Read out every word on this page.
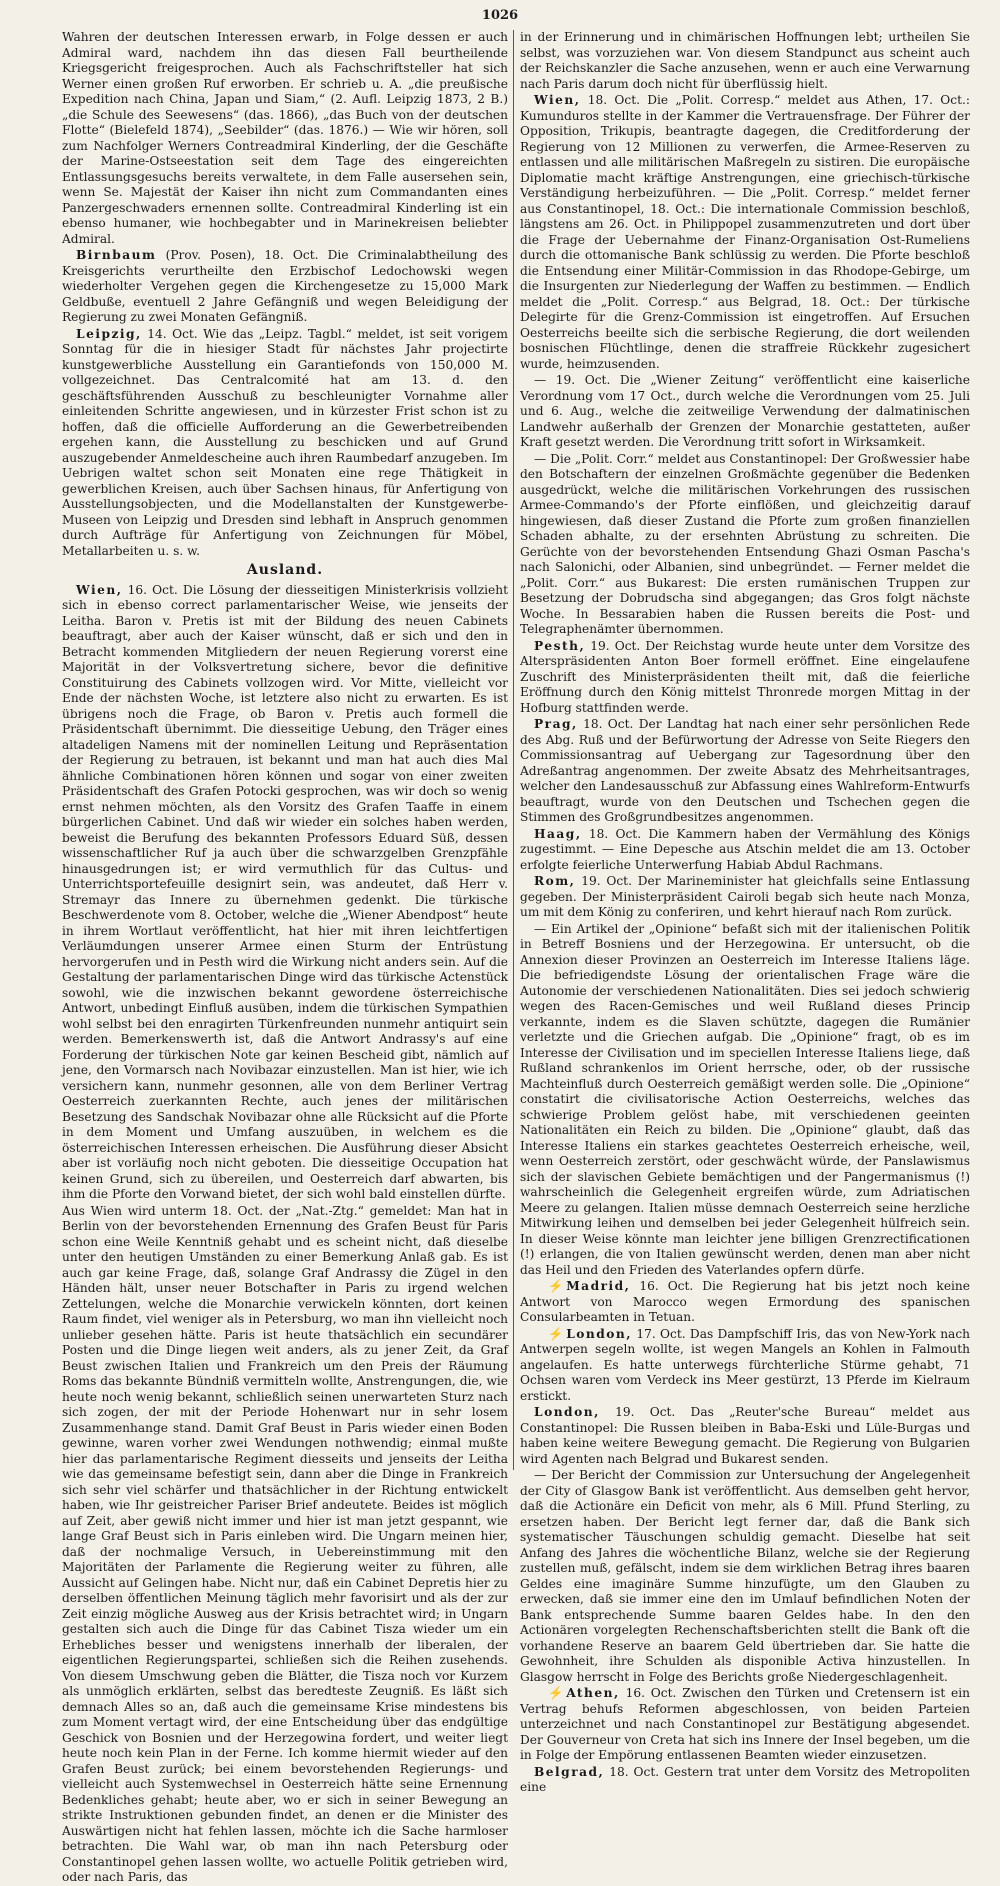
1026

Wahren der deutschen Interessen erwarb, in Folge dessen er auch Admiral ward, nachdem ihn das diesen Fall beurtheilende Kriegsgericht freigesprochen. Auch als Fachschriftsteller hat sich Werner einen großen Ruf erworben. Er schrieb u. A. „die preußische Expedition nach China, Japan und Siam,“ (2. Aufl. Leipzig 1873, 2 B.) „die Schule des Seewesens“ (das. 1866), „das Buch von der deutschen Flotte“ (Bielefeld 1874), „Seebilder“ (das. 1876.) — Wie wir hören, soll zum Nachfolger Werners Contreadmiral Kinderling, der die Geschäfte der Marine-Ostseestation seit dem Tage des eingereichten Entlassungsgesuchs bereits verwaltete, in dem Falle ausersehen sein, wenn Se. Majestät der Kaiser ihn nicht zum Commandanten eines Panzergeschwaders ernennen sollte. Contreadmiral Kinderling ist ein ebenso humaner, wie hochbegabter und in Marinekreisen beliebter Admiral.

Birnbaum (Prov. Posen), 18. Oct. Die Criminalabtheilung des Kreisgerichts verurtheilte den Erzbischof Ledochowski wegen wiederholter Vergehen gegen die Kirchengesetze zu 15,000 Mark Geldbuße, eventuell 2 Jahre Gefängniß und wegen Beleidigung der Regierung zu zwei Monaten Gefängniß.

Leipzig, 14. Oct. Wie das „Leipz. Tagbl.“ meldet, ist seit vorigem Sonntag für die in hiesiger Stadt für nächstes Jahr projectirte kunstgewerbliche Ausstellung ein Garantiefonds von 150,000 M. vollgezeichnet. Das Centralcomité hat am 13. d. den geschäftsführenden Ausschuß zu beschleunigter Vornahme aller einleitenden Schritte angewiesen, und in kürzester Frist schon ist zu hoffen, daß die officielle Aufforderung an die Gewerbetreibenden ergehen kann, die Ausstellung zu beschicken und auf Grund auszugebender Anmeldescheine auch ihren Raumbedarf anzugeben. Im Uebrigen waltet schon seit Monaten eine rege Thätigkeit in gewerblichen Kreisen, auch über Sachsen hinaus, für Anfertigung von Ausstellungsobjecten, und die Modellanstalten der Kunstgewerbe-Museen von Leipzig und Dresden sind lebhaft in Anspruch genommen durch Aufträge für Anfertigung von Zeichnungen für Möbel, Metallarbeiten u. s. w.

Ausland.

Wien, 16. Oct. Die Lösung der diesseitigen Ministerkrisis vollzieht sich in ebenso correct parlamentarischer Weise, wie jenseits der Leitha. Baron v. Pretis ist mit der Bildung des neuen Cabinets beauftragt, aber auch der Kaiser wünscht, daß er sich und den in Betracht kommenden Mitgliedern der neuen Regierung vorerst eine Majorität in der Volksvertretung sichere, bevor die definitive Constituirung des Cabinets vollzogen wird. Vor Mitte, vielleicht vor Ende der nächsten Woche, ist letztere also nicht zu erwarten. Es ist übrigens noch die Frage, ob Baron v. Pretis auch formell die Präsidentschaft übernimmt. Die diesseitige Uebung, den Träger eines altadeligen Namens mit der nominellen Leitung und Repräsentation der Regierung zu betrauen, ist bekannt und man hat auch dies Mal ähnliche Combinationen hören können und sogar von einer zweiten Präsidentschaft des Grafen Potocki gesprochen, was wir doch so wenig ernst nehmen möchten, als den Vorsitz des Grafen Taaffe in einem bürgerlichen Cabinet. Und daß wir wieder ein solches haben werden, beweist die Berufung des bekannten Professors Eduard Süß, dessen wissenschaftlicher Ruf ja auch über die schwarzgelben Grenzpfähle hinausgedrungen ist; er wird vermuthlich für das Cultus- und Unterrichtsportefeuille designirt sein, was andeutet, daß Herr v. Stremayr das Innere zu übernehmen gedenkt. Die türkische Beschwerdenote vom 8. October, welche die „Wiener Abendpost“ heute in ihrem Wortlaut veröffentlicht, hat hier mit ihren leichtfertigen Verläumdungen unserer Armee einen Sturm der Entrüstung hervorgerufen und in Pesth wird die Wirkung nicht anders sein. Auf die Gestaltung der parlamentarischen Dinge wird das türkische Actenstück sowohl, wie die inzwischen bekannt gewordene österreichische Antwort, unbedingt Einfluß ausüben, indem die türkischen Sympathien wohl selbst bei den enragirten Türkenfreunden nunmehr antiquirt sein werden. Bemerkenswerth ist, daß die Antwort Andrassy's auf eine Forderung der türkischen Note gar keinen Bescheid gibt, nämlich auf jene, den Vormarsch nach Novibazar einzustellen. Man ist hier, wie ich versichern kann, nunmehr gesonnen, alle von dem Berliner Vertrag Oesterreich zuerkannten Rechte, auch jenes der militärischen Besetzung des Sandschak Novibazar ohne alle Rücksicht auf die Pforte in dem Moment und Umfang auszuüben, in welchem es die österreichischen Interessen erheischen. Die Ausführung dieser Absicht aber ist vorläufig noch nicht geboten. Die diesseitige Occupation hat keinen Grund, sich zu übereilen, und Oesterreich darf abwarten, bis ihm die Pforte den Vorwand bietet, der sich wohl bald einstellen dürfte.

Aus Wien wird unterm 18. Oct. der „Nat.-Ztg.“ gemeldet: Man hat in Berlin von der bevorstehenden Ernennung des Grafen Beust für Paris schon eine Weile Kenntniß gehabt und es scheint nicht, daß dieselbe unter den heutigen Umständen zu einer Bemerkung Anlaß gab. Es ist auch gar keine Frage, daß, solange Graf Andrassy die Zügel in den Händen hält, unser neuer Botschafter in Paris zu irgend welchen Zettelungen, welche die Monarchie verwickeln könnten, dort keinen Raum findet, viel weniger als in Petersburg, wo man ihn vielleicht noch unlieber gesehen hätte. Paris ist heute thatsächlich ein secundärer Posten und die Dinge liegen weit anders, als zu jener Zeit, da Graf Beust zwischen Italien und Frankreich um den Preis der Räumung Roms das bekannte Bündniß vermitteln wollte, Anstrengungen, die, wie heute noch wenig bekannt, schließlich seinen unerwarteten Sturz nach sich zogen, der mit der Periode Hohenwart nur in sehr losem Zusammenhange stand. Damit Graf Beust in Paris wieder einen Boden gewinne, waren vorher zwei Wendungen nothwendig; einmal mußte hier das parlamentarische Regiment diesseits und jenseits der Leitha wie das gemeinsame befestigt sein, dann aber die Dinge in Frankreich sich sehr viel schärfer und thatsächlicher in der Richtung entwickelt haben, wie Ihr geistreicher Pariser Brief andeutete. Beides ist möglich auf Zeit, aber gewiß nicht immer und hier ist man jetzt gespannt, wie lange Graf Beust sich in Paris einleben wird. Die Ungarn meinen hier, daß der nochmalige Versuch, in Uebereinstimmung mit den Majoritäten der Parlamente die Regierung weiter zu führen, alle Aussicht auf Gelingen habe. Nicht nur, daß ein Cabinet Depretis hier zu derselben öffentlichen Meinung täglich mehr favorisirt und als der zur Zeit einzig mögliche Ausweg aus der Krisis betrachtet wird; in Ungarn gestalten sich auch die Dinge für das Cabinet Tisza wieder um ein Erhebliches besser und wenigstens innerhalb der liberalen, der eigentlichen Regierungspartei, schließen sich die Reihen zusehends. Von diesem Umschwung geben die Blätter, die Tisza noch vor Kurzem als unmöglich erklärten, selbst das beredteste Zeugniß. Es läßt sich demnach Alles so an, daß auch die gemeinsame Krise mindestens bis zum Moment vertagt wird, der eine Entscheidung über das endgültige Geschick von Bosnien und der Herzegowina fordert, und weiter liegt heute noch kein Plan in der Ferne. Ich komme hiermit wieder auf den Grafen Beust zurück; bei einem bevorstehenden Regierungs- und vielleicht auch Systemwechsel in Oesterreich hätte seine Ernennung Bedenkliches gehabt; heute aber, wo er sich in seiner Bewegung an strikte Instruktionen gebunden findet, an denen er die Minister des Auswärtigen nicht hat fehlen lassen, möchte ich die Sache harmloser betrachten. Die Wahl war, ob man ihn nach Petersburg oder Constantinopel gehen lassen wollte, wo actuelle Politik getrieben wird, oder nach Paris, das

in der Erinnerung und in chimärischen Hoffnungen lebt; urtheilen Sie selbst, was vorzuziehen war. Von diesem Standpunct aus scheint auch der Reichskanzler die Sache anzusehen, wenn er auch eine Verwarnung nach Paris darum doch nicht für überflüssig hielt.

Wien, 18. Oct. Die „Polit. Corresp.“ meldet aus Athen, 17. Oct.: Kumunduros stellte in der Kammer die Vertrauensfrage. Der Führer der Opposition, Trikupis, beantragte dagegen, die Creditforderung der Regierung von 12 Millionen zu verwerfen, die Armee-Reserven zu entlassen und alle militärischen Maßregeln zu sistiren. Die europäische Diplomatie macht kräftige Anstrengungen, eine griechisch-türkische Verständigung herbeizuführen. — Die „Polit. Corresp.“ meldet ferner aus Constantinopel, 18. Oct.: Die internationale Commission beschloß, längstens am 26. Oct. in Philippopel zusammenzutreten und dort über die Frage der Uebernahme der Finanz-Organisation Ost-Rumeliens durch die ottomanische Bank schlüssig zu werden. Die Pforte beschloß die Entsendung einer Militär-Commission in das Rhodope-Gebirge, um die Insurgenten zur Niederlegung der Waffen zu bestimmen. — Endlich meldet die „Polit. Corresp.“ aus Belgrad, 18. Oct.: Der türkische Delegirte für die Grenz-Commission ist eingetroffen. Auf Ersuchen Oesterreichs beeilte sich die serbische Regierung, die dort weilenden bosnischen Flüchtlinge, denen die straffreie Rückkehr zugesichert wurde, heimzusenden.

— 19. Oct. Die „Wiener Zeitung“ veröffentlicht eine kaiserliche Verordnung vom 17 Oct., durch welche die Verordnungen vom 25. Juli und 6. Aug., welche die zeitweilige Verwendung der dalmatinischen Landwehr außerhalb der Grenzen der Monarchie gestatteten, außer Kraft gesetzt werden. Die Verordnung tritt sofort in Wirksamkeit.

— Die „Polit. Corr.“ meldet aus Constantinopel: Der Großwessier habe den Botschaftern der einzelnen Großmächte gegenüber die Bedenken ausgedrückt, welche die militärischen Vorkehrungen des russischen Armee-Commando's der Pforte einflößen, und gleichzeitig darauf hingewiesen, daß dieser Zustand die Pforte zum großen finanziellen Schaden abhalte, zu der ersehnten Abrüstung zu schreiten. Die Gerüchte von der bevorstehenden Entsendung Ghazi Osman Pascha's nach Salonichi, oder Albanien, sind unbegründet. — Ferner meldet die „Polit. Corr.“ aus Bukarest: Die ersten rumänischen Truppen zur Besetzung der Dobrudscha sind abgegangen; das Gros folgt nächste Woche. In Bessarabien haben die Russen bereits die Post- und Telegraphenämter übernommen.

Pesth, 19. Oct. Der Reichstag wurde heute unter dem Vorsitze des Alterspräsidenten Anton Boer formell eröffnet. Eine eingelaufene Zuschrift des Ministerpräsidenten theilt mit, daß die feierliche Eröffnung durch den König mittelst Thronrede morgen Mittag in der Hofburg stattfinden werde.

Prag, 18. Oct. Der Landtag hat nach einer sehr persönlichen Rede des Abg. Ruß und der Befürwortung der Adresse von Seite Riegers den Commissionsantrag auf Uebergang zur Tagesordnung über den Adreßantrag angenommen. Der zweite Absatz des Mehrheitsantrages, welcher den Landesausschuß zur Abfassung eines Wahlreform-Entwurfs beauftragt, wurde von den Deutschen und Tschechen gegen die Stimmen des Großgrundbesitzes angenommen.

Haag, 18. Oct. Die Kammern haben der Vermählung des Königs zugestimmt. — Eine Depesche aus Atschin meldet die am 13. October erfolgte feierliche Unterwerfung Habiab Abdul Rachmans.

Rom, 19. Oct. Der Marineminister hat gleichfalls seine Entlassung gegeben. Der Ministerpräsident Cairoli begab sich heute nach Monza, um mit dem König zu conferiren, und kehrt hierauf nach Rom zurück.

— Ein Artikel der „Opinione“ befaßt sich mit der italienischen Politik in Betreff Bosniens und der Herzegowina. Er untersucht, ob die Annexion dieser Provinzen an Oesterreich im Interesse Italiens läge. Die befriedigendste Lösung der orientalischen Frage wäre die Autonomie der verschiedenen Nationalitäten. Dies sei jedoch schwierig wegen des Racen-Gemisches und weil Rußland dieses Princip verkannte, indem es die Slaven schützte, dagegen die Rumänier verletzte und die Griechen aufgab. Die „Opinione“ fragt, ob es im Interesse der Civilisation und im speciellen Interesse Italiens liege, daß Rußland schrankenlos im Orient herrsche, oder, ob der russische Machteinfluß durch Oesterreich gemäßigt werden solle. Die „Opinione“ constatirt die civilisatorische Action Oesterreichs, welches das schwierige Problem gelöst habe, mit verschiedenen geeinten Nationalitäten ein Reich zu bilden. Die „Opinione“ glaubt, daß das Interesse Italiens ein starkes geachtetes Oesterreich erheische, weil, wenn Oesterreich zerstört, oder geschwächt würde, der Panslawismus sich der slavischen Gebiete bemächtigen und der Pangermanismus (!) wahrscheinlich die Gelegenheit ergreifen würde, zum Adriatischen Meere zu gelangen. Italien müsse demnach Oesterreich seine herzliche Mitwirkung leihen und demselben bei jeder Gelegenheit hülfreich sein. In dieser Weise könnte man leichter jene billigen Grenzrectificationen (!) erlangen, die von Italien gewünscht werden, denen man aber nicht das Heil und den Frieden des Vaterlandes opfern dürfe.

⚡ Madrid, 16. Oct. Die Regierung hat bis jetzt noch keine Antwort von Marocco wegen Ermordung des spanischen Consularbeamten in Tetuan.

⚡ London, 17. Oct. Das Dampfschiff Iris, das von New-York nach Antwerpen segeln wollte, ist wegen Mangels an Kohlen in Falmouth angelaufen. Es hatte unterwegs fürchterliche Stürme gehabt, 71 Ochsen waren vom Verdeck ins Meer gestürzt, 13 Pferde im Kielraum erstickt.

London, 19. Oct. Das „Reuter'sche Bureau“ meldet aus Constantinopel: Die Russen bleiben in Baba-Eski und Lüle-Burgas und haben keine weitere Bewegung gemacht. Die Regierung von Bulgarien wird Agenten nach Belgrad und Bukarest senden.

— Der Bericht der Commission zur Untersuchung der Angelegenheit der City of Glasgow Bank ist veröffentlicht. Aus demselben geht hervor, daß die Actionäre ein Deficit von mehr, als 6 Mill. Pfund Sterling, zu ersetzen haben. Der Bericht legt ferner dar, daß die Bank sich systematischer Täuschungen schuldig gemacht. Dieselbe hat seit Anfang des Jahres die wöchentliche Bilanz, welche sie der Regierung zustellen muß, gefälscht, indem sie dem wirklichen Betrag ihres baaren Geldes eine imaginäre Summe hinzufügte, um den Glauben zu erwecken, daß sie immer eine den im Umlauf befindlichen Noten der Bank entsprechende Summe baaren Geldes habe. In den den Actionären vorgelegten Rechenschaftsberichten stellt die Bank oft die vorhandene Reserve an baarem Geld übertrieben dar. Sie hatte die Gewohnheit, ihre Schulden als disponible Activa hinzustellen. In Glasgow herrscht in Folge des Berichts große Niedergeschlagenheit.

⚡ Athen, 16. Oct. Zwischen den Türken und Cretensern ist ein Vertrag behufs Reformen abgeschlossen, von beiden Parteien unterzeichnet und nach Constantinopel zur Bestätigung abgesendet. Der Gouverneur von Creta hat sich ins Innere der Insel begeben, um die in Folge der Empörung entlassenen Beamten wieder einzusetzen.

Belgrad, 18. Oct. Gestern trat unter dem Vorsitz des Metropoliten eine
